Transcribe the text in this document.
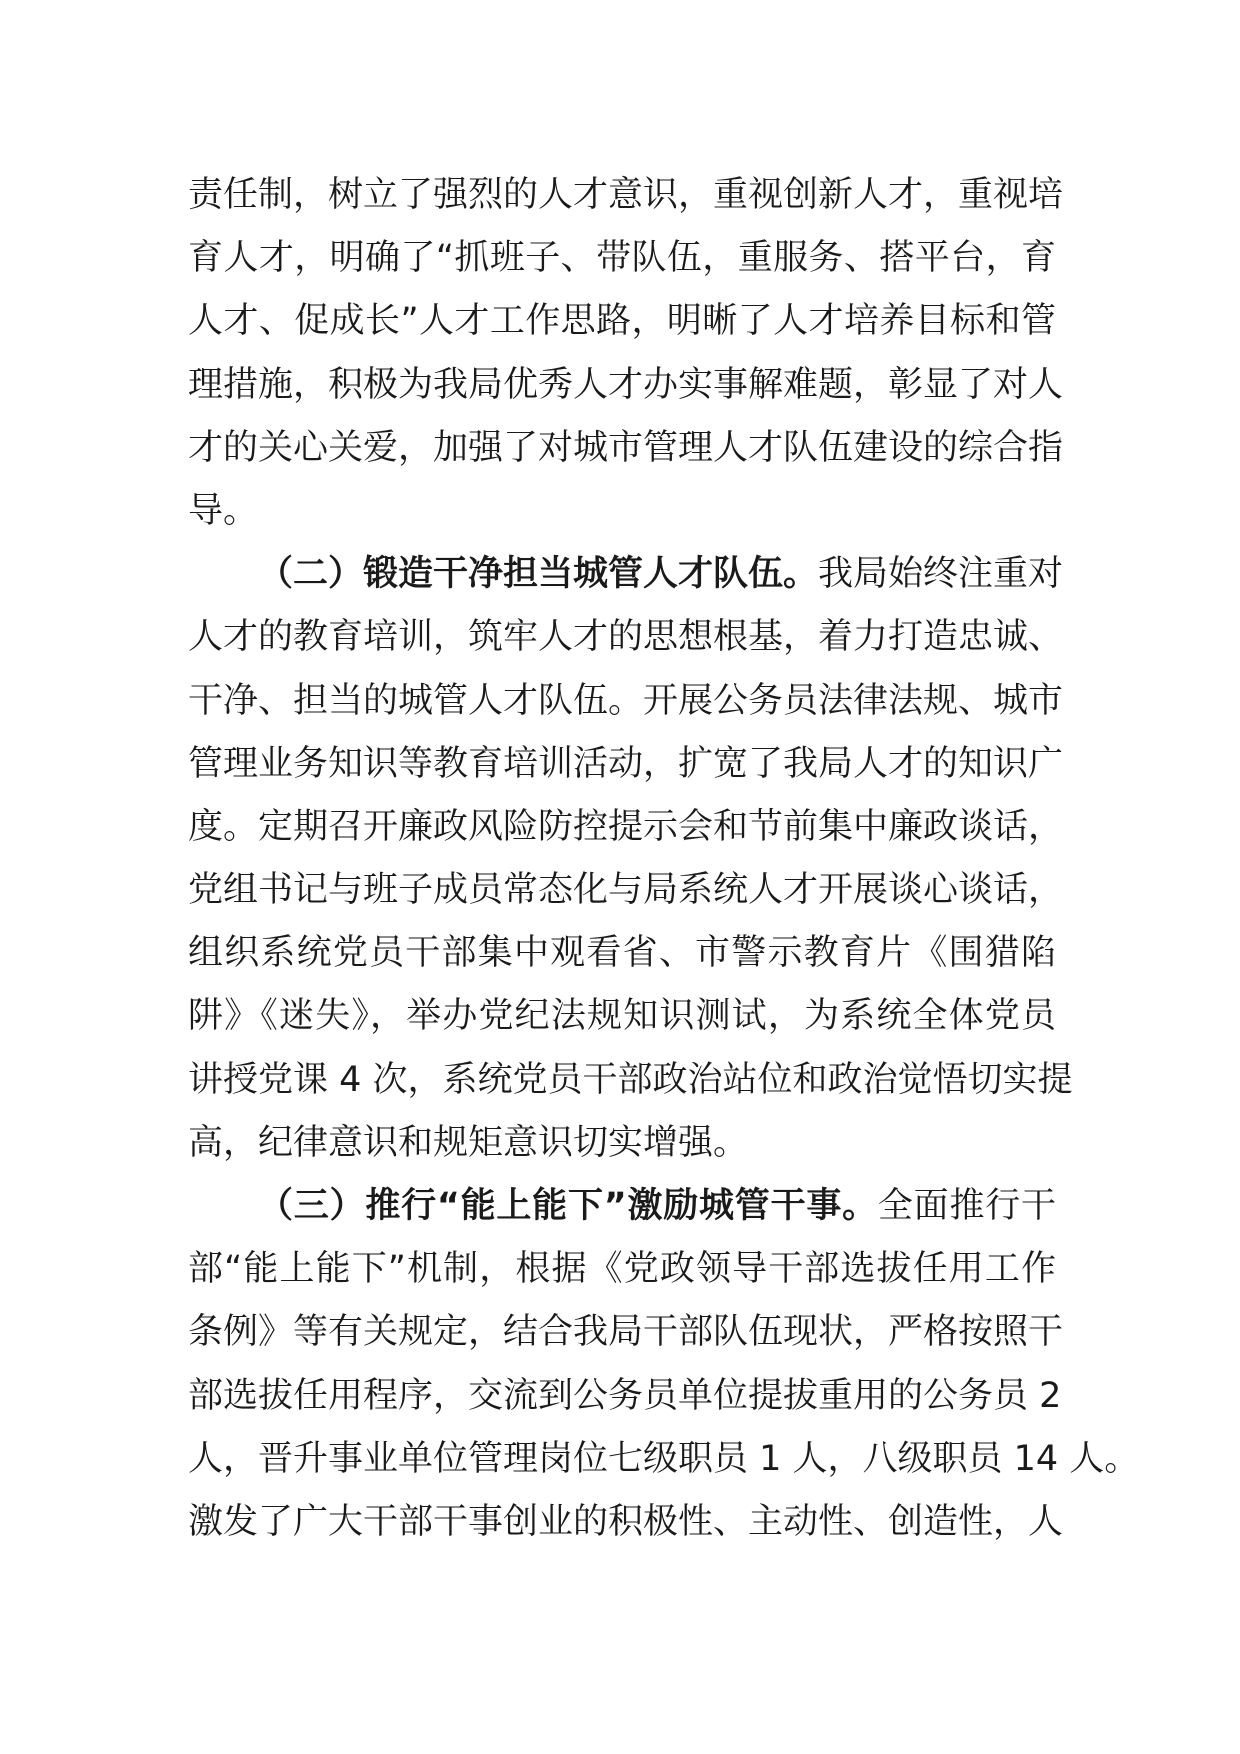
责任制，树立了强烈的人才意识，重视创新人才，重视培
育人才，明确了“抓班子、带队伍，重服务、搭平台，育
人才、促成长”人才工作思路，明晰了人才培养目标和管
理措施，积极为我局优秀人才办实事解难题，彰显了对人
才的关心关爱，加强了对城市管理人才队伍建设的综合指
导。
（二）锻造干净担当城管人才队伍。我局始终注重对
人才的教育培训，筑牢人才的思想根基，着力打造忠诚、
干净、担当的城管人才队伍。开展公务员法律法规、城市
管理业务知识等教育培训活动，扩宽了我局人才的知识广
度。定期召开廉政风险防控提示会和节前集中廉政谈话，
党组书记与班子成员常态化与局系统人才开展谈心谈话，
组织系统党员干部集中观看省、市警示教育片《围猎陷
阱》《迷失》，举办党纪法规知识测试，为系统全体党员
讲授党课 4 次，系统党员干部政治站位和政治觉悟切实提
高，纪律意识和规矩意识切实增强。
（三）推行“能上能下”激励城管干事。全面推行干
部“能上能下”机制，根据《党政领导干部选拔任用工作
条例》等有关规定，结合我局干部队伍现状，严格按照干
部选拔任用程序，交流到公务员单位提拔重用的公务员 2
人，晋升事业单位管理岗位七级职员 1 人，八级职员 14 人。
激发了广大干部干事创业的积极性、主动性、创造性，人
